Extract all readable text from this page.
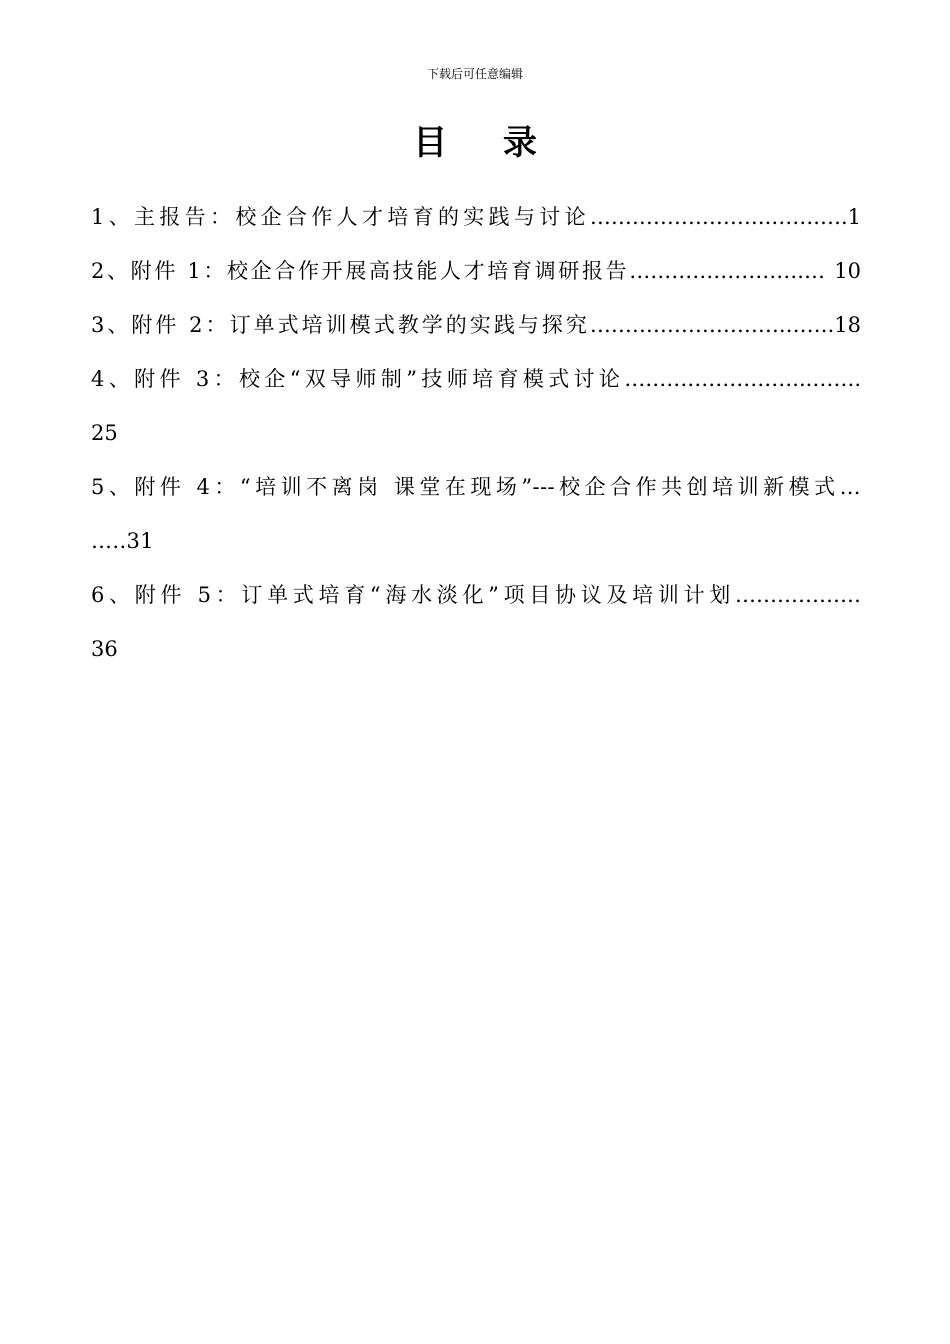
下载后可任意编辑
目 录
1、主报告：校企合作人才培育的实践与讨论……………………..…….….1
2、附件 1：校企合作开展高技能人才培育调研报告…………………….… 10
3、附件 2：订单式培训模式教学的实践与探究……………………….…….18
4、附件 3：校企“双导师制”技师培育模式讨论……………………...…….
25
5、附件 4：“培训不离岗 课堂在现场”---校企合作共创培训新模式…
…..31
6、附件 5：订单式培育“海水淡化”项目协议及培训计划………………
36
